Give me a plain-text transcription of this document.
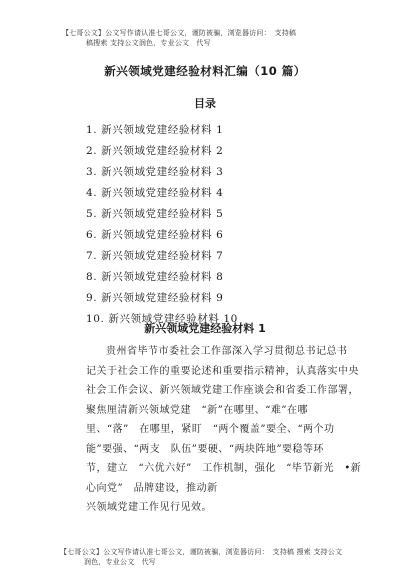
【七哥公文】公文写作请认准七哥公文，谨防被骗，浏览器访问：　支持稿
稿搜索 支持公文润色，专业公文　代写
新兴领域党建经验材料汇编（10 篇）
目录
1. 新兴领域党建经验材料 1
2. 新兴领域党建经验材料 2
3. 新兴领域党建经验材料 3
4. 新兴领域党建经验材料 4
5. 新兴领域党建经验材料 5
6. 新兴领域党建经验材料 6
7. 新兴领域党建经验材料 7
8. 新兴领域党建经验材料 8
9. 新兴领域党建经验材料 9
10. 新兴领域党建经验材料 10
新兴领域党建经验材料 1
贵州省毕节市委社会工作部深入学习贯彻总书记总书
记关于社会工作的重要论述和重要指示精神，认真落实中央
社会工作会议、新兴领域党建工作座谈会和省委工作部署，
聚焦厘清新兴领域党建　“新”在哪里、“难”在哪
里、“落”　在哪里，紧盯　“两个覆盖”要全、“两个功
能”要强、“两支　队伍”要硬、“两块阵地”要稳等环
节，建立　“六优六好”　工作机制，强化　“毕节新光　•新
心向党”　品牌建设，推动新
兴领域党建工作见行见效。
【七哥公文】公文写作请认准七哥公文，谨防被骗，浏览器访问：　支持稿 搜索 支持公文
润色，专业公文　代写
